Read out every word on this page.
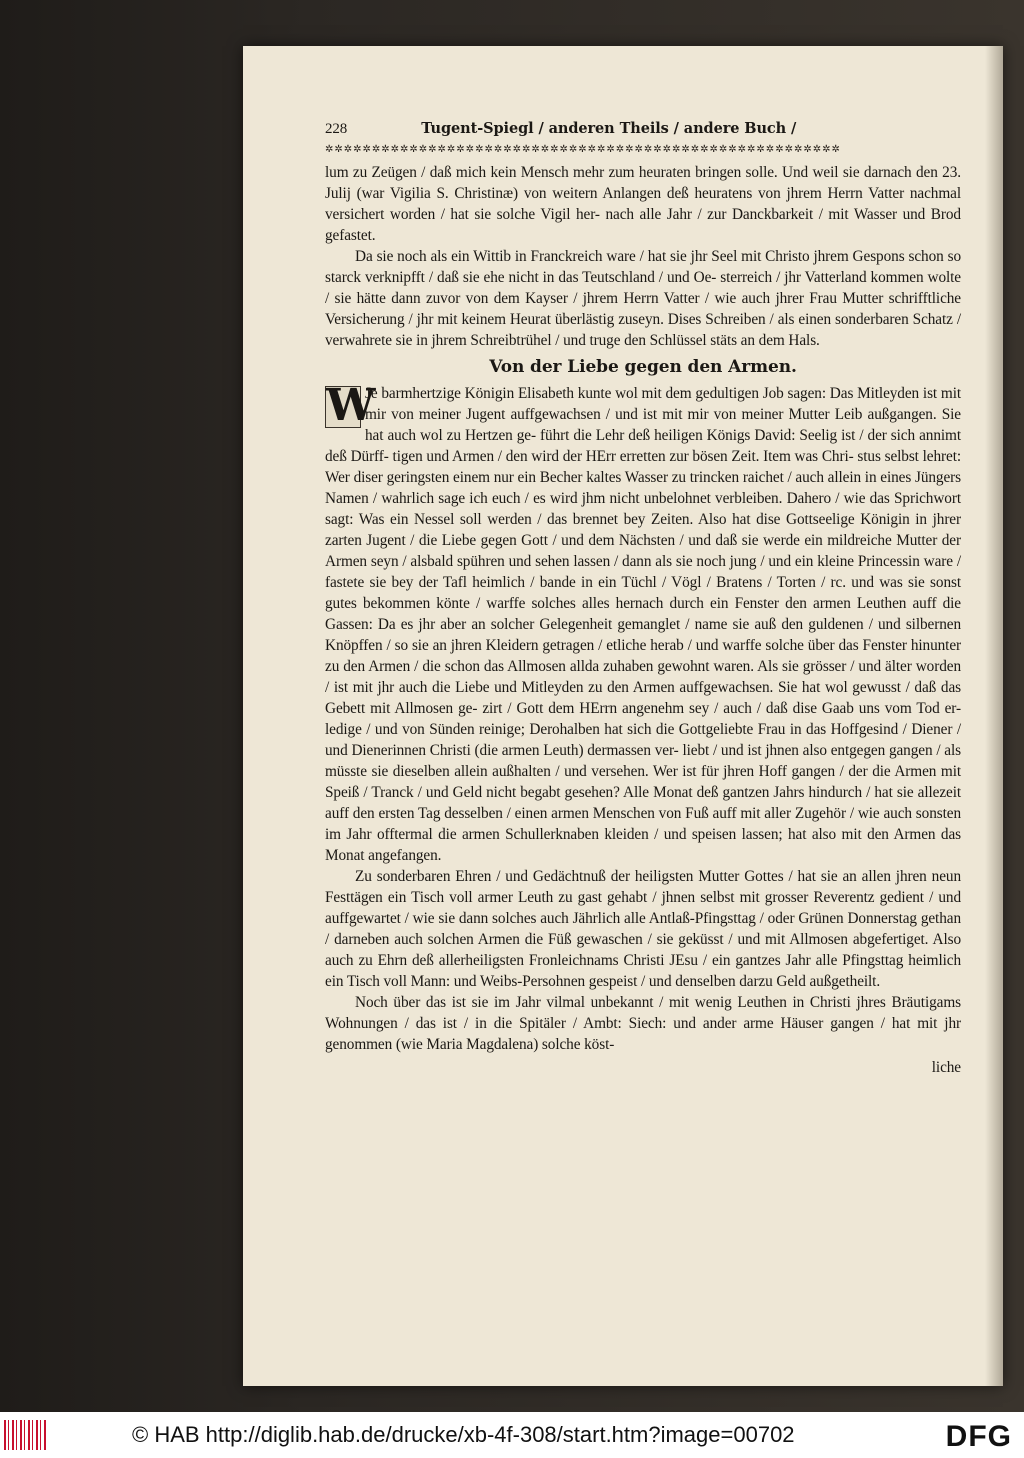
228	Tugent-Spiegl / anderen Theils / andere Buch /
✲✲✲✲✲✲✲✲✲✲✲✲✲✲✲✲✲✲✲✲✲✲✲✲✲✲✲✲✲✲✲✲✲✲✲✲✲✲✲✲✲✲✲✲✲✲✲✲✲✲✲✲✲✲✲

lum zu Zeügen / daß mich kein Mensch mehr zum heuraten bringen solle. Und weil sie darnach den 23. Julij (war Vigilia S. Christinæ) von weitern Anlangen deß heuratens von jhrem Herrn Vatter nachmal versichert worden / hat sie solche Vigil her- nach alle Jahr / zur Danckbarkeit / mit Wasser und Brod gefastet.

Da sie noch als ein Wittib in Franckreich ware / hat sie jhr Seel mit Christo jhrem Gespons schon so starck verknipfft / daß sie ehe nicht in das Teutschland / und Oe- sterreich / jhr Vatterland kommen wolte / sie hätte dann zuvor von dem Kayser / jhrem Herrn Vatter / wie auch jhrer Frau Mutter schrifftliche Versicherung / jhr mit keinem Heurat überlästig zuseyn. Dises Schreiben / als einen sonderbaren Schatz / verwahrete sie in jhrem Schreibtrühel / und truge den Schlüssel stäts an dem Hals.

Von der Liebe gegen den Armen.

W
Je barmhertzige Königin Elisabeth kunte wol mit dem gedultigen Job sagen: Das Mitleyden ist mit mir von meiner Jugent auffgewachsen / und ist mit mir von meiner Mutter Leib außgangen. Sie hat auch wol zu Hertzen ge- führt die Lehr deß heiligen Königs David: Seelig ist / der sich annimt deß Dürff- tigen und Armen / den wird der HErr erretten zur bösen Zeit. Item was Chri- stus selbst lehret: Wer diser geringsten einem nur ein Becher kaltes Wasser zu trincken raichet / auch allein in eines Jüngers Namen / wahrlich sage ich euch / es wird jhm nicht unbelohnet verbleiben. Dahero / wie das Sprichwort sagt: Was ein Nessel soll werden / das brennet bey Zeiten. Also hat dise Gottseelige Königin in jhrer zarten Jugent / die Liebe gegen Gott / und dem Nächsten / und daß sie werde ein mildreiche Mutter der Armen seyn / alsbald spühren und sehen lassen / dann als sie noch jung / und ein kleine Princessin ware / fastete sie bey der Tafl heimlich / bande in ein Tüchl / Vögl / Bratens / Torten / rc. und was sie sonst gutes bekommen könte / warffe solches alles hernach durch ein Fenster den armen Leuthen auff die Gassen: Da es jhr aber an solcher Gelegenheit gemanglet / name sie auß den guldenen / und silbernen Knöpffen / so sie an jhren Kleidern getragen / etliche herab / und warffe solche über das Fenster hinunter zu den Armen / die schon das Allmosen allda zuhaben gewohnt waren. Als sie grösser / und älter worden / ist mit jhr auch die Liebe und Mitleyden zu den Armen auffgewachsen. Sie hat wol gewusst / daß das Gebett mit Allmosen ge- zirt / Gott dem HErrn angenehm sey / auch / daß dise Gaab uns vom Tod er- ledige / und von Sünden reinige; Derohalben hat sich die Gottgeliebte Frau in das Hoffgesind / Diener / und Dienerinnen Christi (die armen Leuth) dermassen ver- liebt / und ist jhnen also entgegen gangen / als müsste sie dieselben allein außhalten / und versehen. Wer ist für jhren Hoff gangen / der die Armen mit Speiß / Tranck / und Geld nicht begabt gesehen? Alle Monat deß gantzen Jahrs hindurch / hat sie allezeit auff den ersten Tag desselben / einen armen Menschen von Fuß auff mit aller Zugehör / wie auch sonsten im Jahr offtermal die armen Schullerknaben kleiden / und speisen lassen; hat also mit den Armen das Monat angefangen.

Zu sonderbaren Ehren / und Gedächtnuß der heiligsten Mutter Gottes / hat sie an allen jhren neun Festtägen ein Tisch voll armer Leuth zu gast gehabt / jhnen selbst mit grosser Reverentz gedient / und auffgewartet / wie sie dann solches auch Jährlich alle Antlaß-Pfingsttag / oder Grünen Donnerstag gethan / darneben auch solchen Armen die Füß gewaschen / sie geküsst / und mit Allmosen abgefertiget. Also auch zu Ehrn deß allerheiligsten Fronleichnams Christi JEsu / ein gantzes Jahr alle Pfingsttag heimlich ein Tisch voll Mann: und Weibs-Persohnen gespeist / und denselben darzu Geld außgetheilt.

Noch über das ist sie im Jahr vilmal unbekannt / mit wenig Leuthen in Christi jhres Bräutigams Wohnungen / das ist / in die Spitäler / Ambt: Siech: und ander arme Häuser gangen / hat mit jhr genommen (wie Maria Magdalena) solche köst-

liche
© HAB http://diglib.hab.de/drucke/xb-4f-308/start.htm?image=00702	DFG
